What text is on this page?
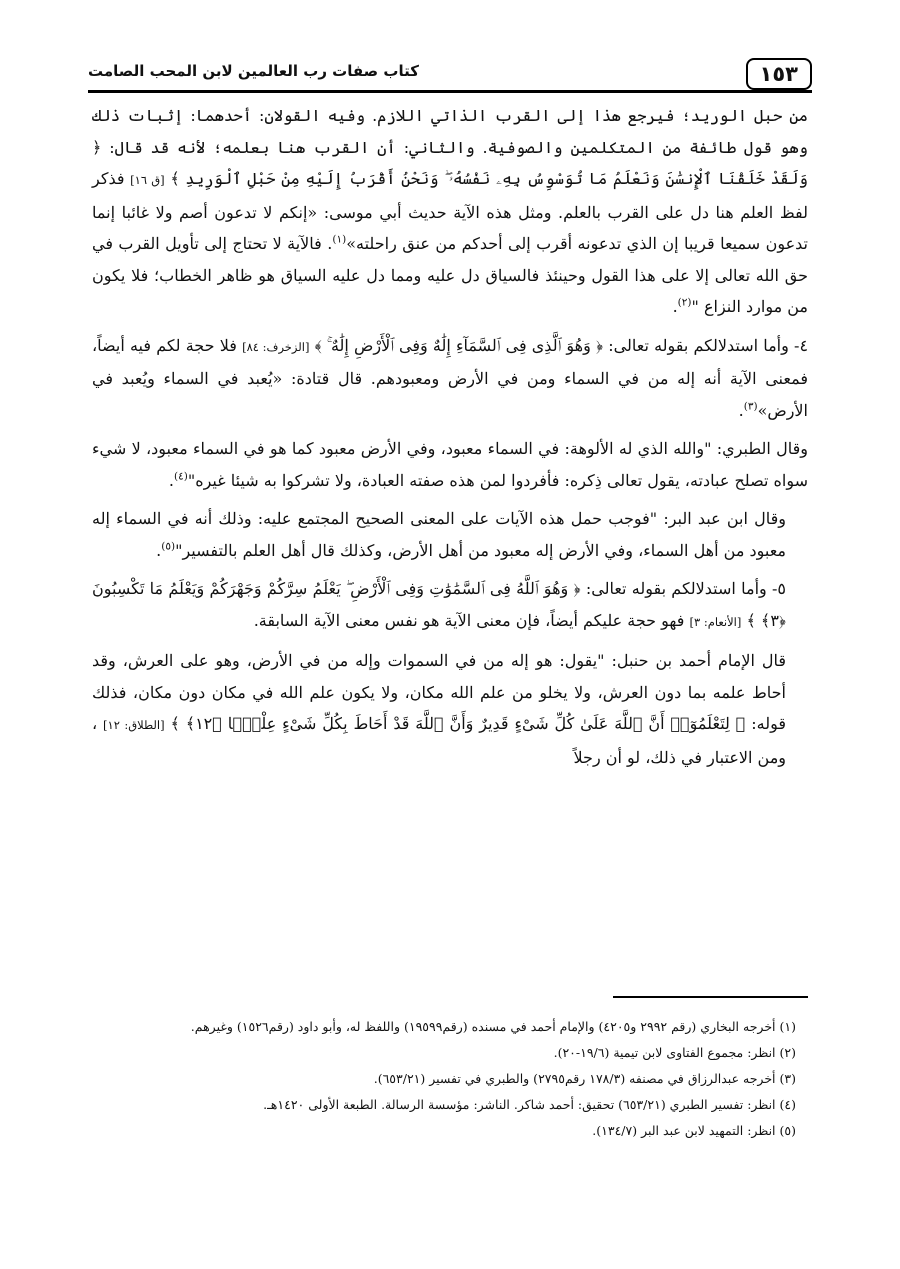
١٥٣
كتاب صفات رب العالمين لابن المحب الصامت

من حبل الوريد؛ فيرجع هذا إلى القرب الذاتي اللازم. وفيه القولان: أحدهما: إثبات ذلك وهو قول طائفة من المتكلمين والصوفية. والثاني: أن القرب هنا بعلمه؛ لأنه قد قال: ﴿ وَلَقَدْ خَلَقْنَا ٱلْإِنسَٰنَ وَنَعْلَمُ مَا تُوَسْوِسُ بِهِۦ نَفْسُهُۥ ۖ وَنَحْنُ أَقْرَبُ إِلَيْهِ مِنْ حَبْلِ ٱلْوَرِيدِ ﴾ [ق ١٦] فذكر لفظ العلم هنا دل على القرب بالعلم. ومثل هذه الآية حديث أبي موسى: «إنكم لا تدعون أصم ولا غائبا إنما تدعون سميعا قريبا إن الذي تدعونه أقرب إلى أحدكم من عنق راحلته»$^{(١)}$. فالآية لا تحتاج إلى تأويل القرب في حق الله تعالى إلا على هذا القول وحينئذ فالسياق دل عليه ومما دل عليه السياق هو ظاهر الخطاب؛ فلا يكون من موارد النزاع "$^{(٢)}$.

٤- وأما استدلالكم بقوله تعالى: ﴿ وَهُوَ ٱلَّذِى فِى ٱلسَّمَآءِ إِلَٰهٌ وَفِى ٱلْأَرْضِ إِلَٰهٌ ۚ ﴾ [الزخرف: ٨٤] فلا حجة لكم فيه أيضاً، فمعنى الآية أنه إله من في السماء ومن في الأرض ومعبودهم. قال قتادة: «يُعبد في السماء ويُعبد في الأرض»$^{(٣)}$.

وقال الطبري: "والله الذي له الألوهة: في السماء معبود، وفي الأرض معبود كما هو في السماء معبود، لا شيء سواه تصلح عبادته، يقول تعالى ذِكره: فأفردوا لمن هذه صفته العبادة، ولا تشركوا به شيئا غيره"$^{(٤)}$.

وقال ابن عبد البر: "فوجب حمل هذه الآيات على المعنى الصحيح المجتمع عليه: وذلك أنه في السماء إله معبود من أهل السماء، وفي الأرض إله معبود من أهل الأرض، وكذلك قال أهل العلم بالتفسير"$^{(٥)}$.

٥- وأما استدلالكم بقوله تعالى: ﴿ وَهُوَ ٱللَّهُ فِى ٱلسَّمَٰوَٰتِ وَفِى ٱلْأَرْضِ ۖ يَعْلَمُ سِرَّكُمْ وَجَهْرَكُمْ وَيَعْلَمُ مَا تَكْسِبُونَ ﴿٣﴾ ﴾ [الأنعام: ٣] فهو حجة عليكم أيضاً، فإن معنى الآية هو نفس معنى الآية السابقة.

قال الإمام أحمد بن حنبل: "يقول: هو إله من في السموات وإله من في الأرض، وهو على العرش، وقد أحاط علمه بما دون العرش، ولا يخلو من علم الله مكان، ولا يكون علم الله في مكان دون مكان، فذلك قوله: ﴿ لِتَعْلَمُوٓا۟ أَنَّ ٱللَّهَ عَلَىٰ كُلِّ شَىْءٍ قَدِيرٌ وَأَنَّ ٱللَّهَ قَدْ أَحَاطَ بِكُلِّ شَىْءٍ عِلْمًۢا ﴿١٢﴾ ﴾ [الطلاق: ١٢] ، ومن الاعتبار في ذلك، لو أن رجلاً

(١) أخرجه البخاري (رقم ٢٩٩٢ و٤٢٠٥) والإمام أحمد في مسنده (رقم١٩٥٩٩) واللفظ له، وأبو داود (رقم١٥٢٦) وغيرهم.

(٢) انظر: مجموع الفتاوى لابن تيمية (١٩/٦-٢٠).

(٣) أخرجه عبدالرزاق في مصنفه (١٧٨/٣ رقم٢٧٩٥) والطبري في تفسير (٦٥٣/٢١).

(٤) انظر: تفسير الطبري (٦٥٣/٢١) تحقيق: أحمد شاكر. الناشر: مؤسسة الرسالة. الطبعة الأولى ١٤٢٠هـ.

(٥) انظر: التمهيد لابن عبد البر (١٣٤/٧).
